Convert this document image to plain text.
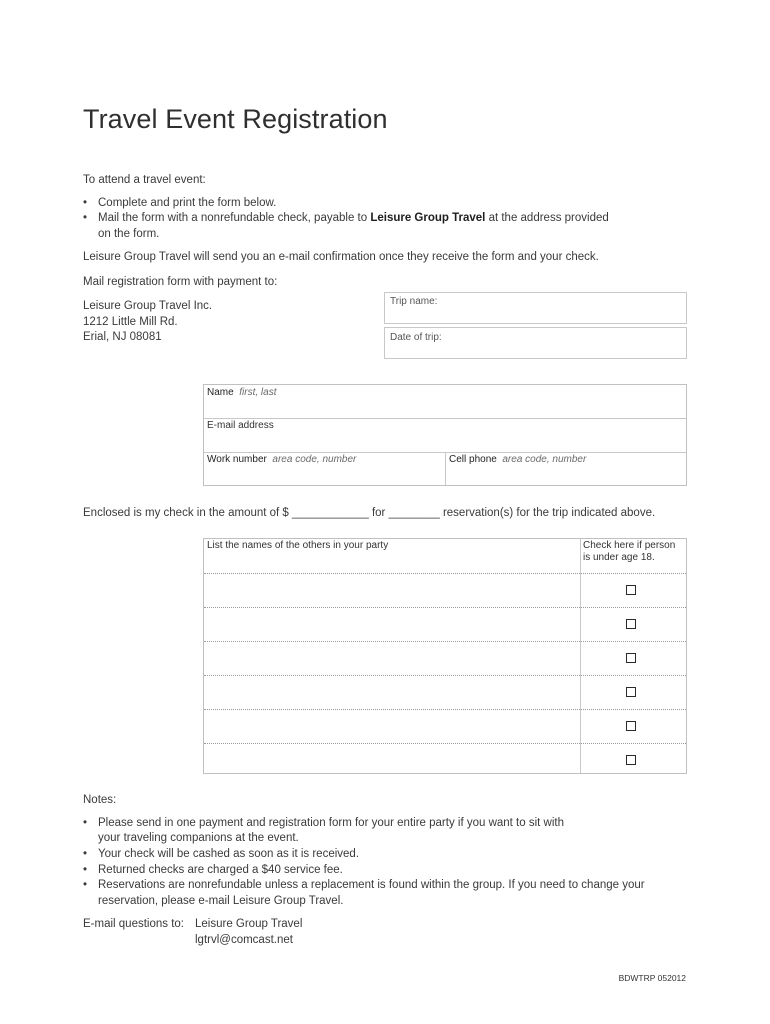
Travel Event Registration
To attend a travel event:
• Complete and print the form below.
• Mail the form with a nonrefundable check, payable to Leisure Group Travel at the address provided
on the form.
Leisure Group Travel will send you an e-mail confirmation once they receive the form and your check.
Mail registration form with payment to:
Leisure Group Travel Inc.
1212 Little Mill Rd.
Erial, NJ 08081
Trip name:
Date of trip:
Name first, last
E-mail address
Work number area code, number	Cell phone area code, number
Enclosed is my check in the amount of $ ____________ for ________ reservation(s) for the trip indicated above.
List the names of the others in your party	Check here if person
is under age 18.
Notes:
• Please send in one payment and registration form for your entire party if you want to sit with
your traveling companions at the event.
• Your check will be cashed as soon as it is received.
• Returned checks are charged a $40 service fee.
• Reservations are nonrefundable unless a replacement is found within the group. If you need to change your
reservation, please e-mail Leisure Group Travel.
E-mail questions to: Leisure Group Travel
lgtrvl@comcast.net
BDWTRP 052012
